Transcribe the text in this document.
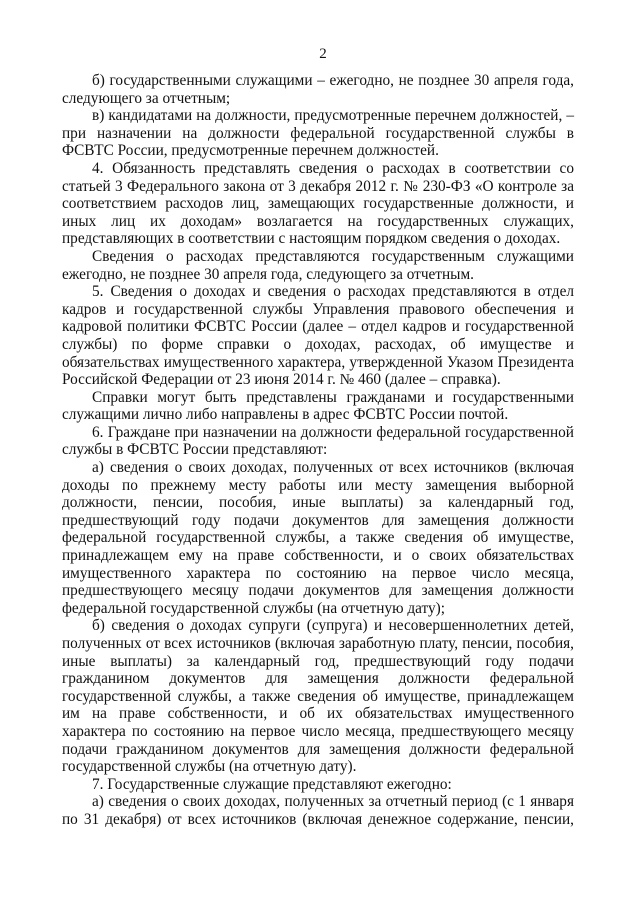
2

б) государственными служащими – ежегодно, не позднее 30 апреля года, следующего за отчетным;

в) кандидатами на должности, предусмотренные перечнем должностей, – при назначении на должности федеральной государственной службы в ФСВТС России, предусмотренные перечнем должностей.

4. Обязанность представлять сведения о расходах в соответствии со статьей 3 Федерального закона от 3 декабря 2012 г. № 230-ФЗ «О контроле за соответствием расходов лиц, замещающих государственные должности, и иных лиц их доходам» возлагается на государственных служащих, представляющих в соответствии с настоящим порядком сведения о доходах.

Сведения о расходах представляются государственным служащими ежегодно, не позднее 30 апреля года, следующего за отчетным.

5. Сведения о доходах и сведения о расходах представляются в отдел кадров и государственной службы Управления правового обеспечения и кадровой политики ФСВТС России (далее – отдел кадров и государственной службы) по форме справки о доходах, расходах, об имуществе и обязательствах имущественного характера, утвержденной Указом Президента Российской Федерации от 23 июня 2014 г. № 460 (далее – справка).

Справки могут быть представлены гражданами и государственными служащими лично либо направлены в адрес ФСВТС России почтой.

6. Граждане при назначении на должности федеральной государственной службы в ФСВТС России представляют:

а) сведения о своих доходах, полученных от всех источников (включая доходы по прежнему месту работы или месту замещения выборной должности, пенсии, пособия, иные выплаты) за календарный год, предшествующий году подачи документов для замещения должности федеральной государственной службы, а также сведения об имуществе, принадлежащем ему на праве собственности, и о своих обязательствах имущественного характера по состоянию на первое число месяца, предшествующего месяцу подачи документов для замещения должности федеральной государственной службы (на отчетную дату);

б) сведения о доходах супруги (супруга) и несовершеннолетних детей, полученных от всех источников (включая заработную плату, пенсии, пособия, иные выплаты) за календарный год, предшествующий году подачи гражданином документов для замещения должности федеральной государственной службы, а также сведения об имуществе, принадлежащем им на праве собственности, и об их обязательствах имущественного характера по состоянию на первое число месяца, предшествующего месяцу подачи гражданином документов для замещения должности федеральной государственной службы (на отчетную дату).

7. Государственные служащие представляют ежегодно:

а) сведения о своих доходах, полученных за отчетный период (с 1 января по 31 декабря) от всех источников (включая денежное содержание, пенсии,
